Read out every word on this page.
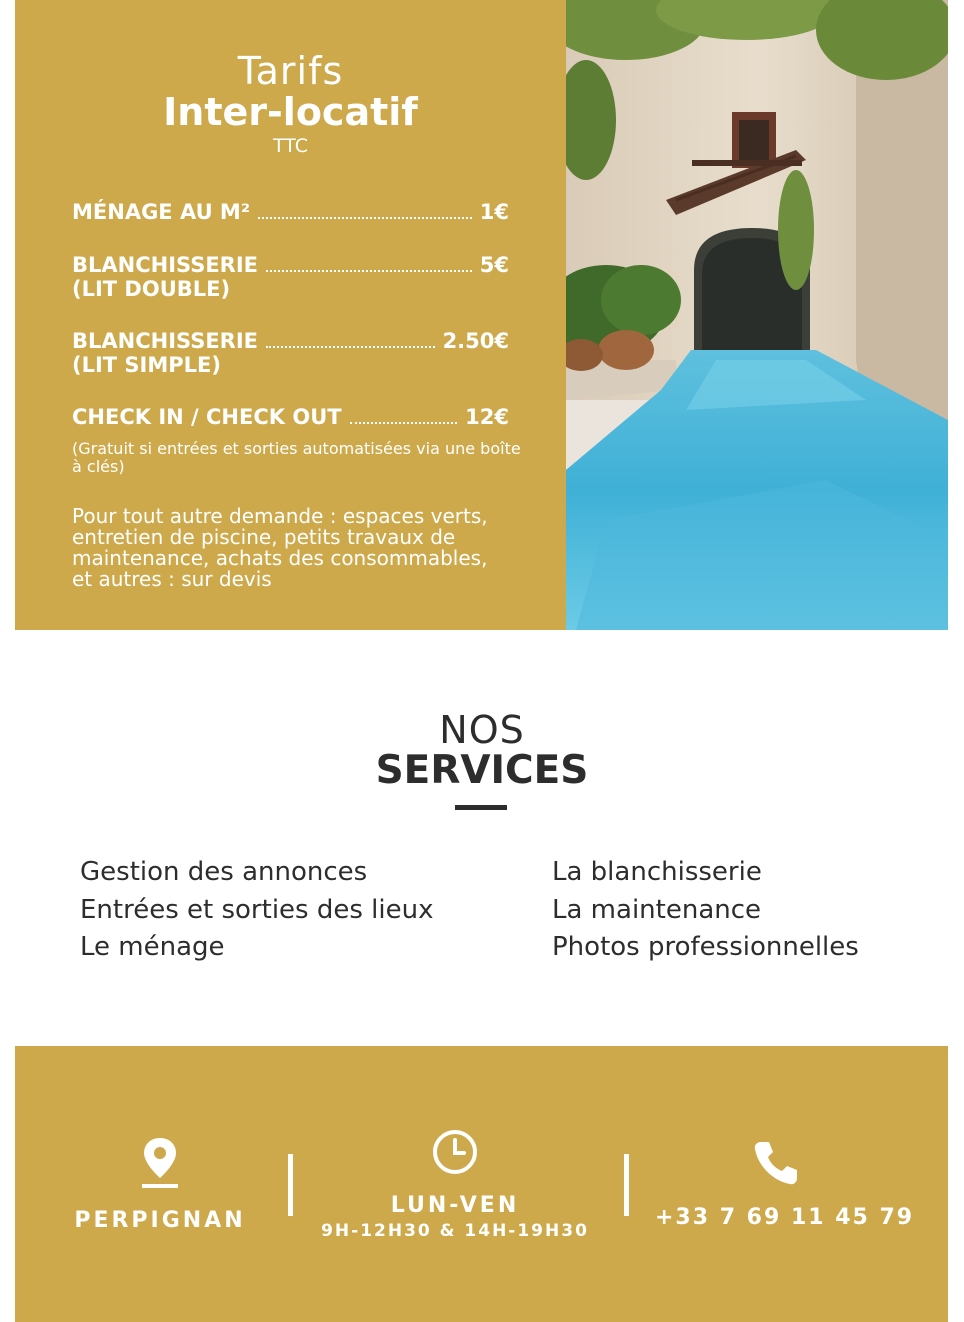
Tarifs
Inter-locatif
TTC
MÉNAGE AU M²	1€
BLANCHISSERIE	5€
(LIT DOUBLE)
BLANCHISSERIE	2.50€
(LIT SIMPLE)
CHECK IN / CHECK OUT	12€
(Gratuit si entrées et sorties automatisées via une boîte à clés)
Pour tout autre demande : espaces verts, entretien de piscine, petits travaux de maintenance, achats des consommables, et autres : sur devis
NOS
SERVICES
Gestion des annonces
Entrées et sorties des lieux
Le ménage
La blanchisserie
La maintenance
Photos professionnelles
PERPIGNAN
LUN-VEN
9H-12H30 & 14H-19H30
+33 7 69 11 45 79
